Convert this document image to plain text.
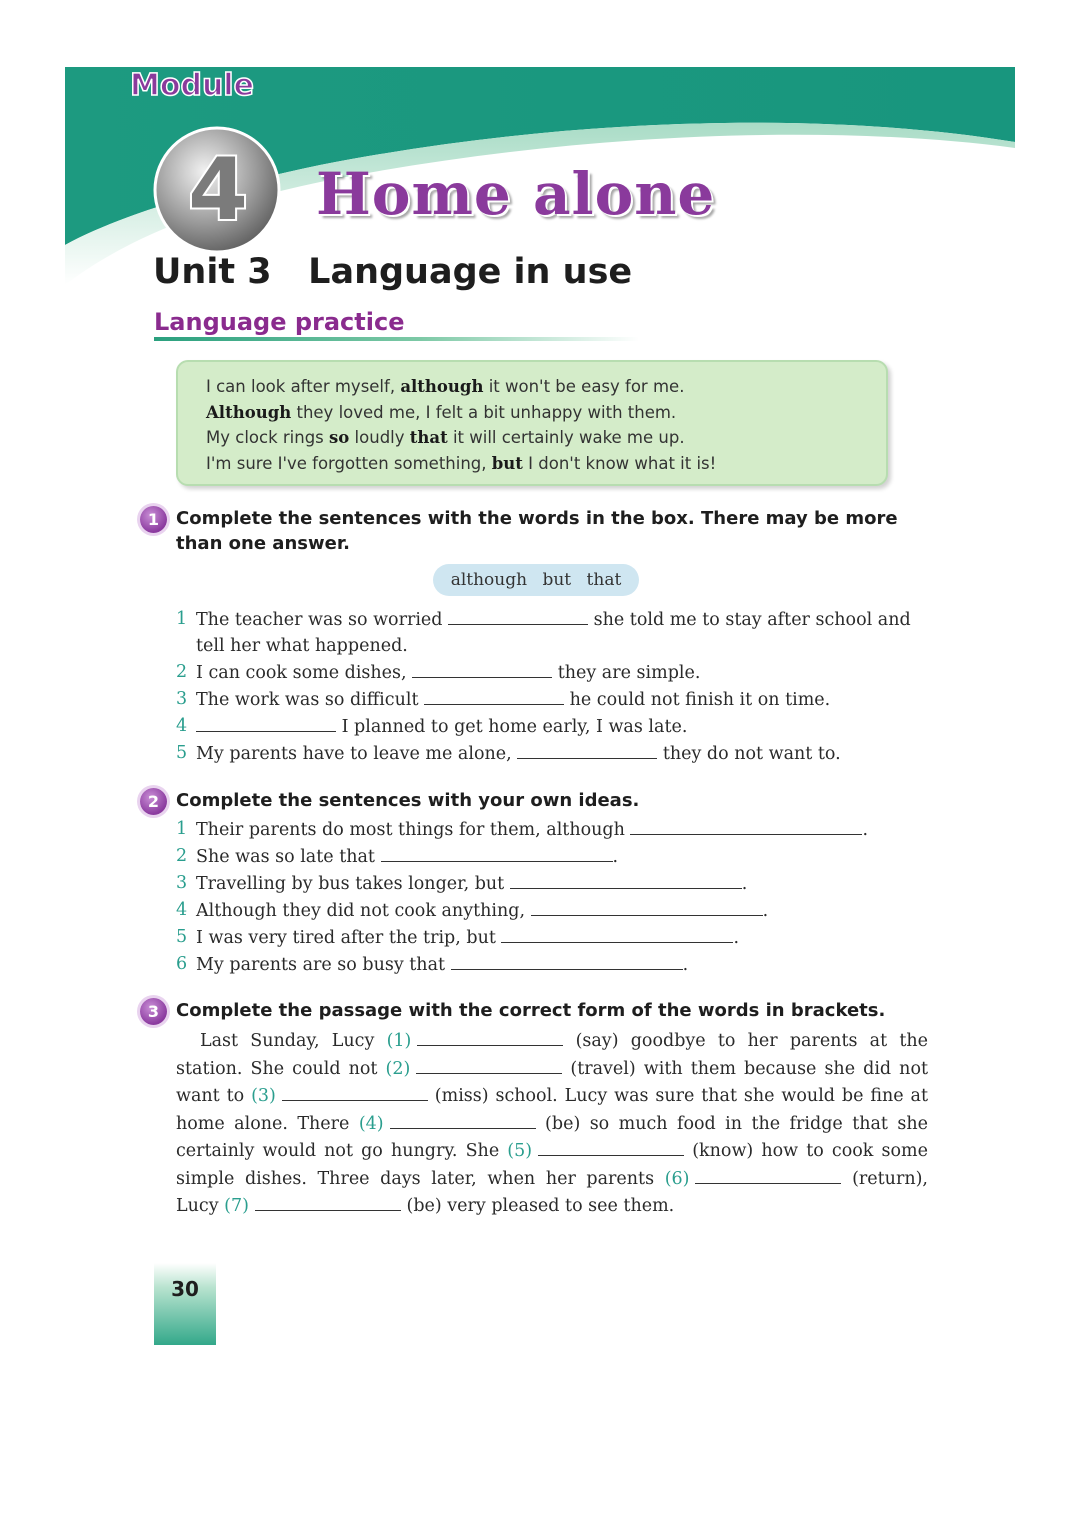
Module
4 Home alone
Unit 3   Language in use
Language practice
I can look after myself, although it won't be easy for me.
Although they loved me, I felt a bit unhappy with them.
My clock rings so loudly that it will certainly wake me up.
I'm sure I've forgotten something, but I don't know what it is!
1 Complete the sentences with the words in the box. There may be more than one answer.
although but that
1 The teacher was so worried	she told me to stay after school and tell her what happened.
2 I can cook some dishes,	they are simple.
3 The work was so difficult	he could not finish it on time.
4	I planned to get home early, I was late.
5 My parents have to leave me alone,	they do not want to.
2 Complete the sentences with your own ideas.
1 Their parents do most things for them, although	.
2 She was so late that	.
3 Travelling by bus takes longer, but	.
4 Although they did not cook anything,	.
5 I was very tired after the trip, but	.
6 My parents are so busy that	.
3 Complete the passage with the correct form of the words in brackets.
Last Sunday, Lucy (1)	(say) goodbye to her parents at the station. She could not (2)	(travel) with them because she did not want to (3)	(miss) school. Lucy was sure that she would be fine at home alone. There (4)	(be) so much food in the fridge that she certainly would not go hungry. She (5)	(know) how to cook some simple dishes. Three days later, when her parents (6)	(return), Lucy (7)	(be) very pleased to see them.
30
